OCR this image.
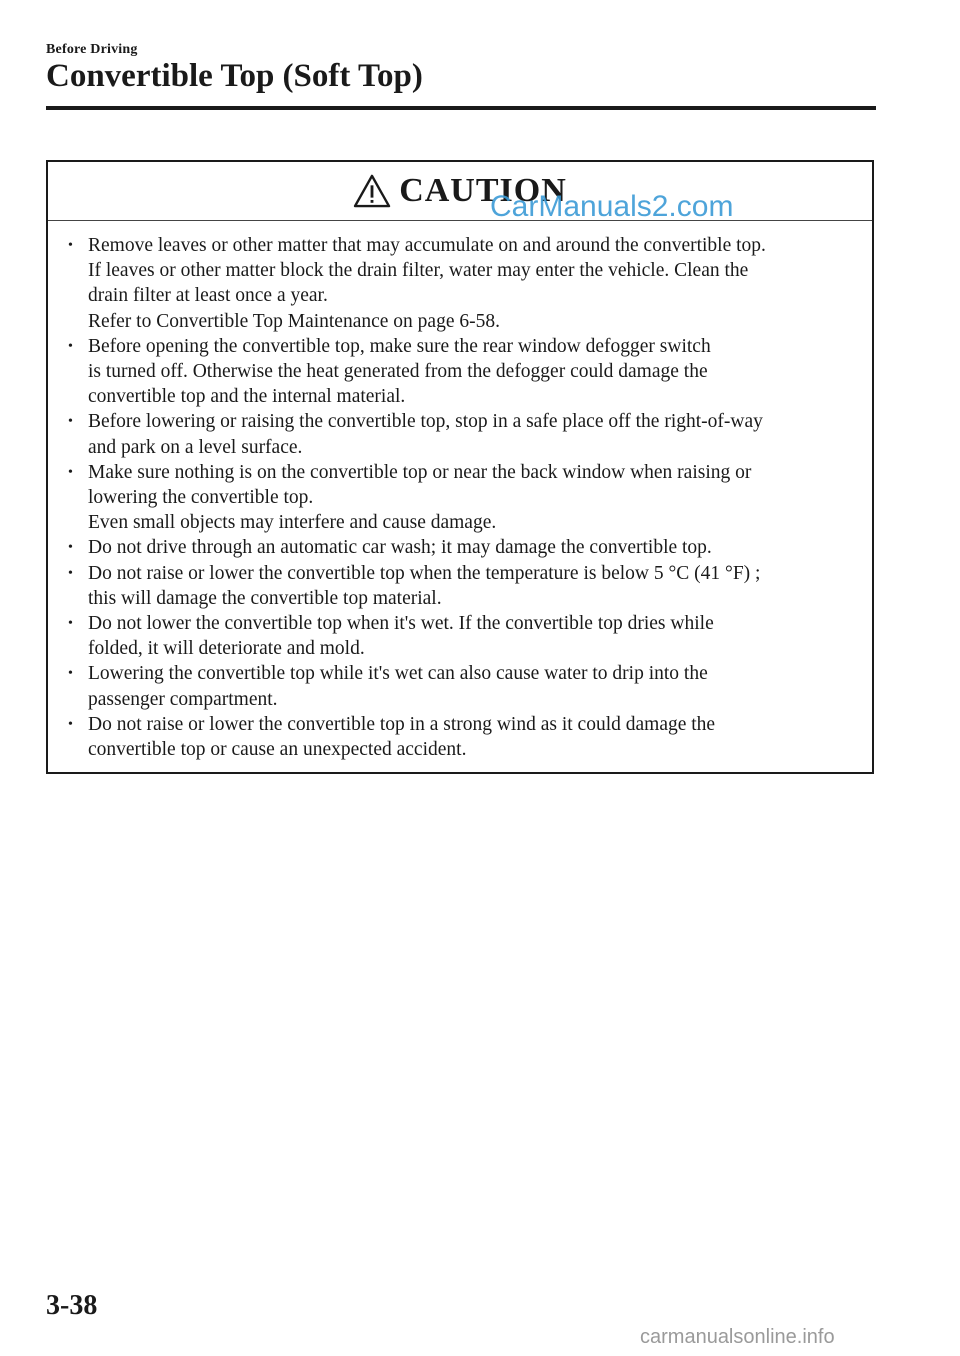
Before Driving
Convertible Top (Soft Top)
CAUTION
CarManuals2.com
• Remove leaves or other matter that may accumulate on and around the convertible top.
If leaves or other matter block the drain filter, water may enter the vehicle. Clean the
drain filter at least once a year.
Refer to Convertible Top Maintenance on page 6-58.
• Before opening the convertible top, make sure the rear window defogger switch
is turned off. Otherwise the heat generated from the defogger could damage the
convertible top and the internal material.
• Before lowering or raising the convertible top, stop in a safe place off the right-of-way
and park on a level surface.
• Make sure nothing is on the convertible top or near the back window when raising or
lowering the convertible top.
Even small objects may interfere and cause damage.
• Do not drive through an automatic car wash; it may damage the convertible top.
• Do not raise or lower the convertible top when the temperature is below 5 °C (41 °F) ;
this will damage the convertible top material.
• Do not lower the convertible top when it's wet. If the convertible top dries while
folded, it will deteriorate and mold.
• Lowering the convertible top while it's wet can also cause water to drip into the
passenger compartment.
• Do not raise or lower the convertible top in a strong wind as it could damage the
convertible top or cause an unexpected accident.
3-38
carmanualsonline.info
